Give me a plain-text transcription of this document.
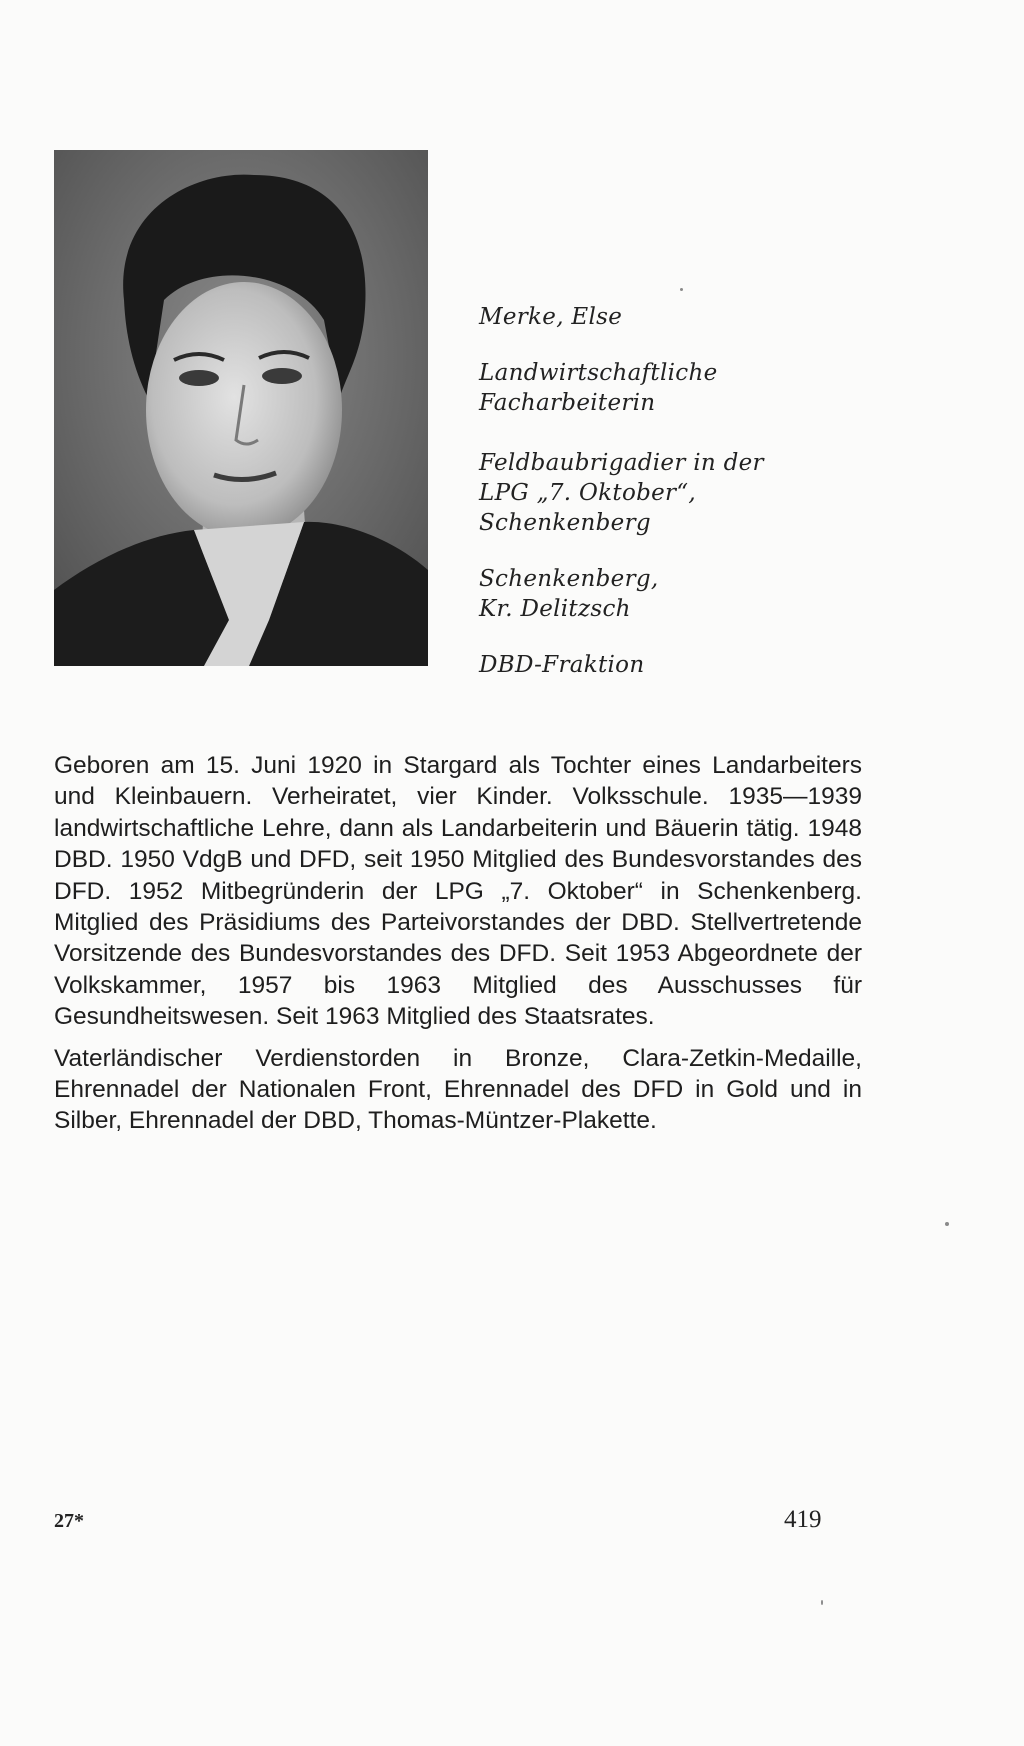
Merke, Else

Landwirtschaftliche Facharbeiterin

Feldbaubrigadier in der
LPG „7. Oktober“,
Schenkenberg

Schenkenberg,
Kr. Delitzsch

DBD-Fraktion

Geboren am 15. Juni 1920 in Stargard als Tochter eines Landarbeiters und Kleinbauern. Verheiratet, vier Kinder. Volksschule. 1935—1939 landwirtschaftliche Lehre, dann als Landarbeiterin und Bäuerin tätig. 1948 DBD. 1950 VdgB und DFD, seit 1950 Mitglied des Bundesvorstandes des DFD. 1952 Mitbegründerin der LPG „7. Oktober“ in Schenkenberg. Mitglied des Präsidiums des Parteivorstandes der DBD. Stellvertretende Vorsitzende des Bundesvorstandes des DFD. Seit 1953 Abgeordnete der Volkskammer, 1957 bis 1963 Mitglied des Ausschusses für Gesundheitswesen. Seit 1963 Mitglied des Staatsrates.

Vaterländischer Verdienstorden in Bronze, Clara-Zetkin-Medaille, Ehrennadel der Nationalen Front, Ehrennadel des DFD in Gold und in Silber, Ehrennadel der DBD, Thomas-Müntzer-Plakette.

27*	419
